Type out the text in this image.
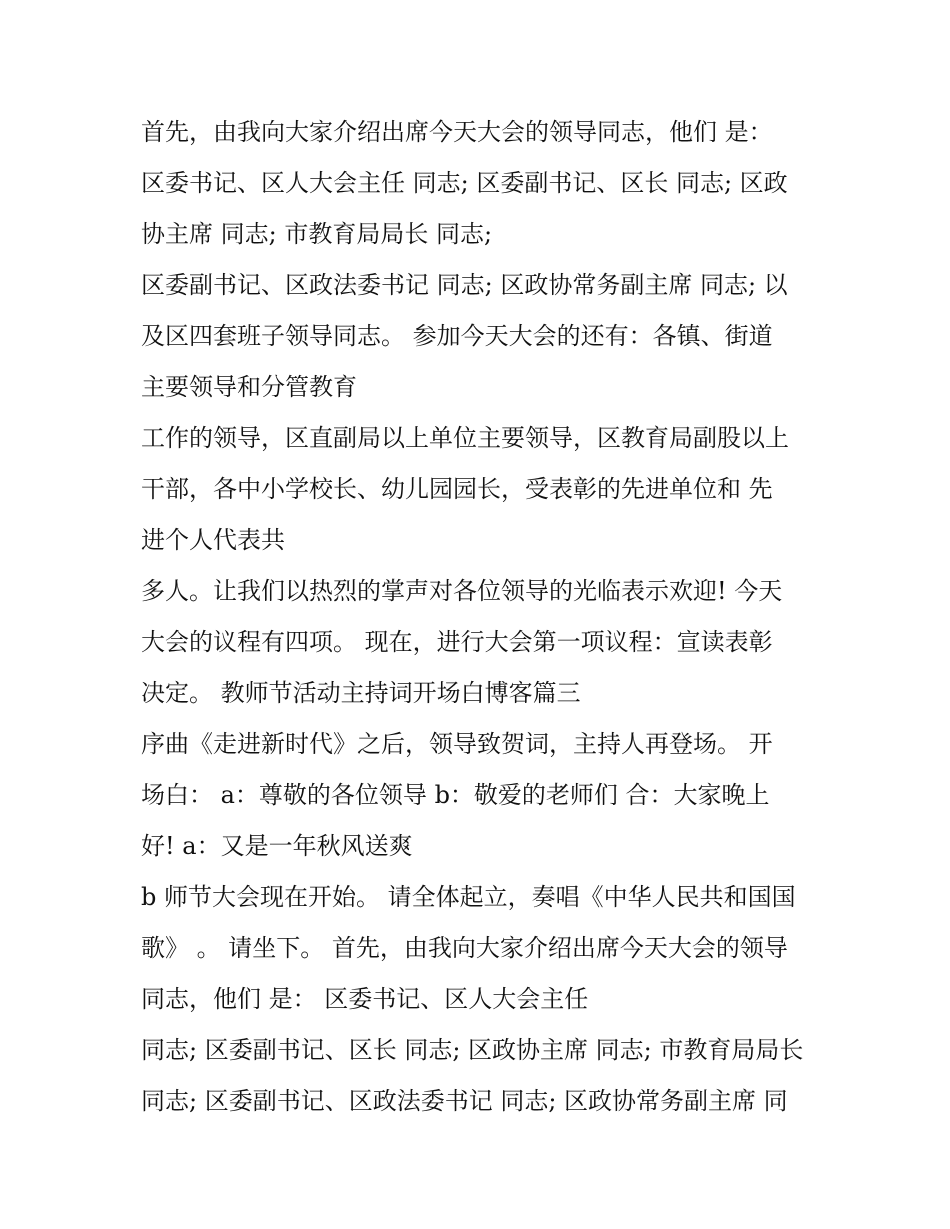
首先，由我向大家介绍出席今天大会的领导同志，他们 是：
区委书记、区人大会主任 同志; 区委副书记、区长 同志; 区政
协主席 同志; 市教育局局长 同志;
区委副书记、区政法委书记 同志; 区政协常务副主席 同志; 以
及区四套班子领导同志。 参加今天大会的还有：各镇、街道
主要领导和分管教育
工作的领导，区直副局以上单位主要领导，区教育局副股以上
干部，各中小学校长、幼儿园园长，受表彰的先进单位和 先
进个人代表共
多人。让我们以热烈的掌声对各位领导的光临表示欢迎! 今天
大会的议程有四项。 现在，进行大会第一项议程：宣读表彰
决定。 教师节活动主持词开场白博客篇三
序曲《走进新时代》之后，领导致贺词，主持人再登场。 开
场白： a：尊敬的各位领导 b：敬爱的老师们 合：大家晚上
好! a：又是一年秋风送爽
b 师节大会现在开始。 请全体起立，奏唱《中华人民共和国国
歌》 。 请坐下。 首先，由我向大家介绍出席今天大会的领导
同志，他们 是： 区委书记、区人大会主任
同志; 区委副书记、区长 同志; 区政协主席 同志; 市教育局局长
同志; 区委副书记、区政法委书记 同志; 区政协常务副主席 同
